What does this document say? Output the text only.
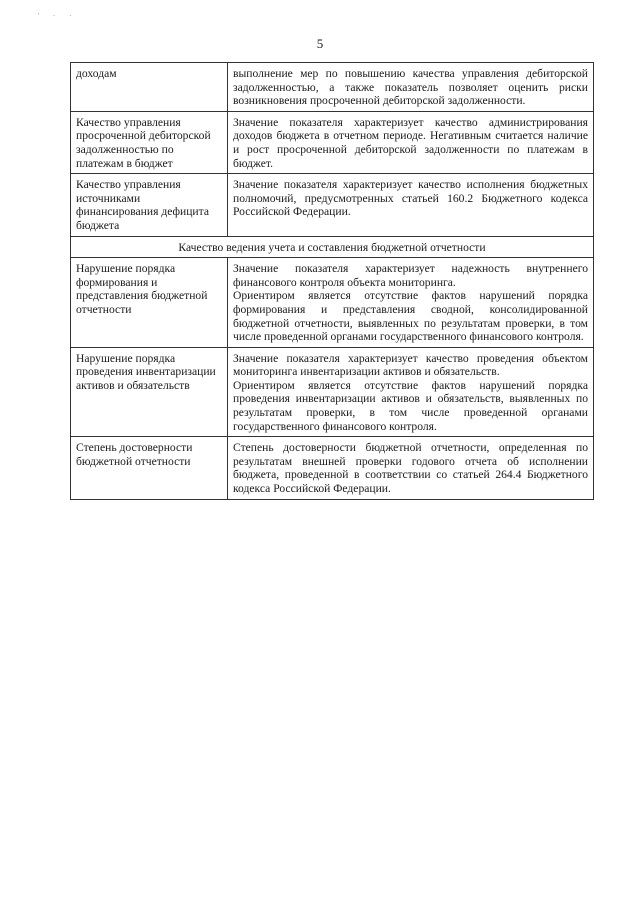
' · ·
5
доходам	выполнение мер по повышению качества управления дебиторской задолженностью, а также показатель позволяет оценить риски возникновения просроченной дебиторской задолженности.

Качество управления просроченной дебиторской задолженностью по платежам в бюджет	Значение показателя характеризует качество администрирования доходов бюджета в отчетном периоде. Негативным считается наличие и рост просроченной дебиторской задолженности по платежам в бюджет.

Качество управления источниками финансирования дефицита бюджета	Значение показателя характеризует качество исполнения бюджетных полномочий, предусмотренных статьей 160.2 Бюджетного кодекса Российской Федерации.

Качество ведения учета и составления бюджетной отчетности	
Нарушение порядка формирования и представления бюджетной отчетности	Значение показателя характеризует надежность внутреннего финансового контроля объекта мониторинга.
Ориентиром является отсутствие фактов нарушений порядка формирования и представления сводной, консолидированной бюджетной отчетности, выявленных по результатам проверки, в том числе проведенной органами государственного финансового контроля.

Нарушение порядка проведения инвентаризации активов и обязательств	Значение показателя характеризует качество проведения объектом мониторинга инвентаризации активов и обязательств.
Ориентиром является отсутствие фактов нарушений порядка проведения инвентаризации активов и обязательств, выявленных по результатам проверки, в том числе проведенной органами государственного финансового контроля.

Степень достоверности бюджетной отчетности	Степень достоверности бюджетной отчетности, определенная по результатам внешней проверки годового отчета об исполнении бюджета, проведенной в соответствии со статьей 264.4 Бюджетного кодекса Российской Федерации.
